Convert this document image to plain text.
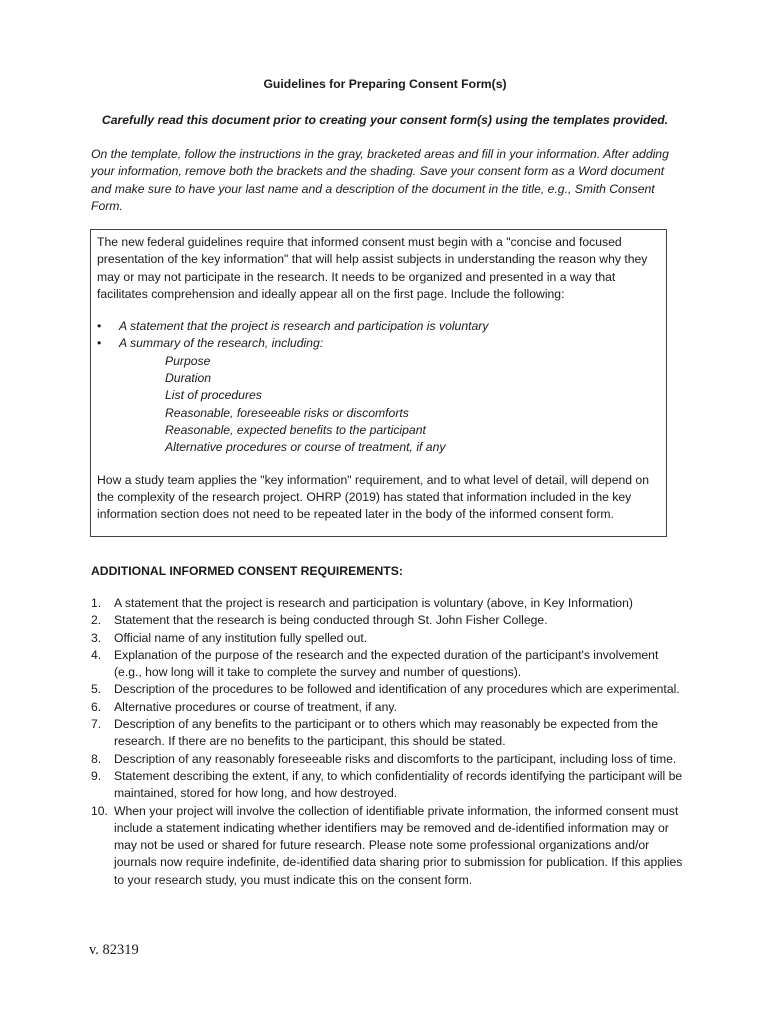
Guidelines for Preparing Consent Form(s)
Carefully read this document prior to creating your consent form(s) using the templates provided.

On the template, follow the instructions in the gray, bracketed areas and fill in your information. After adding your information, remove both the brackets and the shading. Save your consent form as a Word document and make sure to have your last name and a description of the document in the title, e.g., Smith Consent Form.

The new federal guidelines require that informed consent must begin with a "concise and focused presentation of the key information" that will help assist subjects in understanding the reason why they may or may not participate in the research. It needs to be organized and presented in a way that facilitates comprehension and ideally appear all on the first page. Include the following:

• A statement that the project is research and participation is voluntary
• A summary of the research, including:
Purpose
Duration
List of procedures
Reasonable, foreseeable risks or discomforts
Reasonable, expected benefits to the participant
Alternative procedures or course of treatment, if any

How a study team applies the "key information" requirement, and to what level of detail, will depend on the complexity of the research project. OHRP (2019) has stated that information included in the key information section does not need to be repeated later in the body of the informed consent form.

ADDITIONAL INFORMED CONSENT REQUIREMENTS:
1. A statement that the project is research and participation is voluntary (above, in Key Information)
2. Statement that the research is being conducted through St. John Fisher College.
3. Official name of any institution fully spelled out.
4. Explanation of the purpose of the research and the expected duration of the participant's involvement (e.g., how long will it take to complete the survey and number of questions).
5. Description of the procedures to be followed and identification of any procedures which are experimental.
6. Alternative procedures or course of treatment, if any.
7. Description of any benefits to the participant or to others which may reasonably be expected from the research. If there are no benefits to the participant, this should be stated.
8. Description of any reasonably foreseeable risks and discomforts to the participant, including loss of time.
9. Statement describing the extent, if any, to which confidentiality of records identifying the participant will be maintained, stored for how long, and how destroyed.
10. When your project will involve the collection of identifiable private information, the informed consent must include a statement indicating whether identifiers may be removed and de-identified information may or may not be used or shared for future research. Please note some professional organizations and/or journals now require indefinite, de-identified data sharing prior to submission for publication. If this applies to your research study, you must indicate this on the consent form.
v. 82319
